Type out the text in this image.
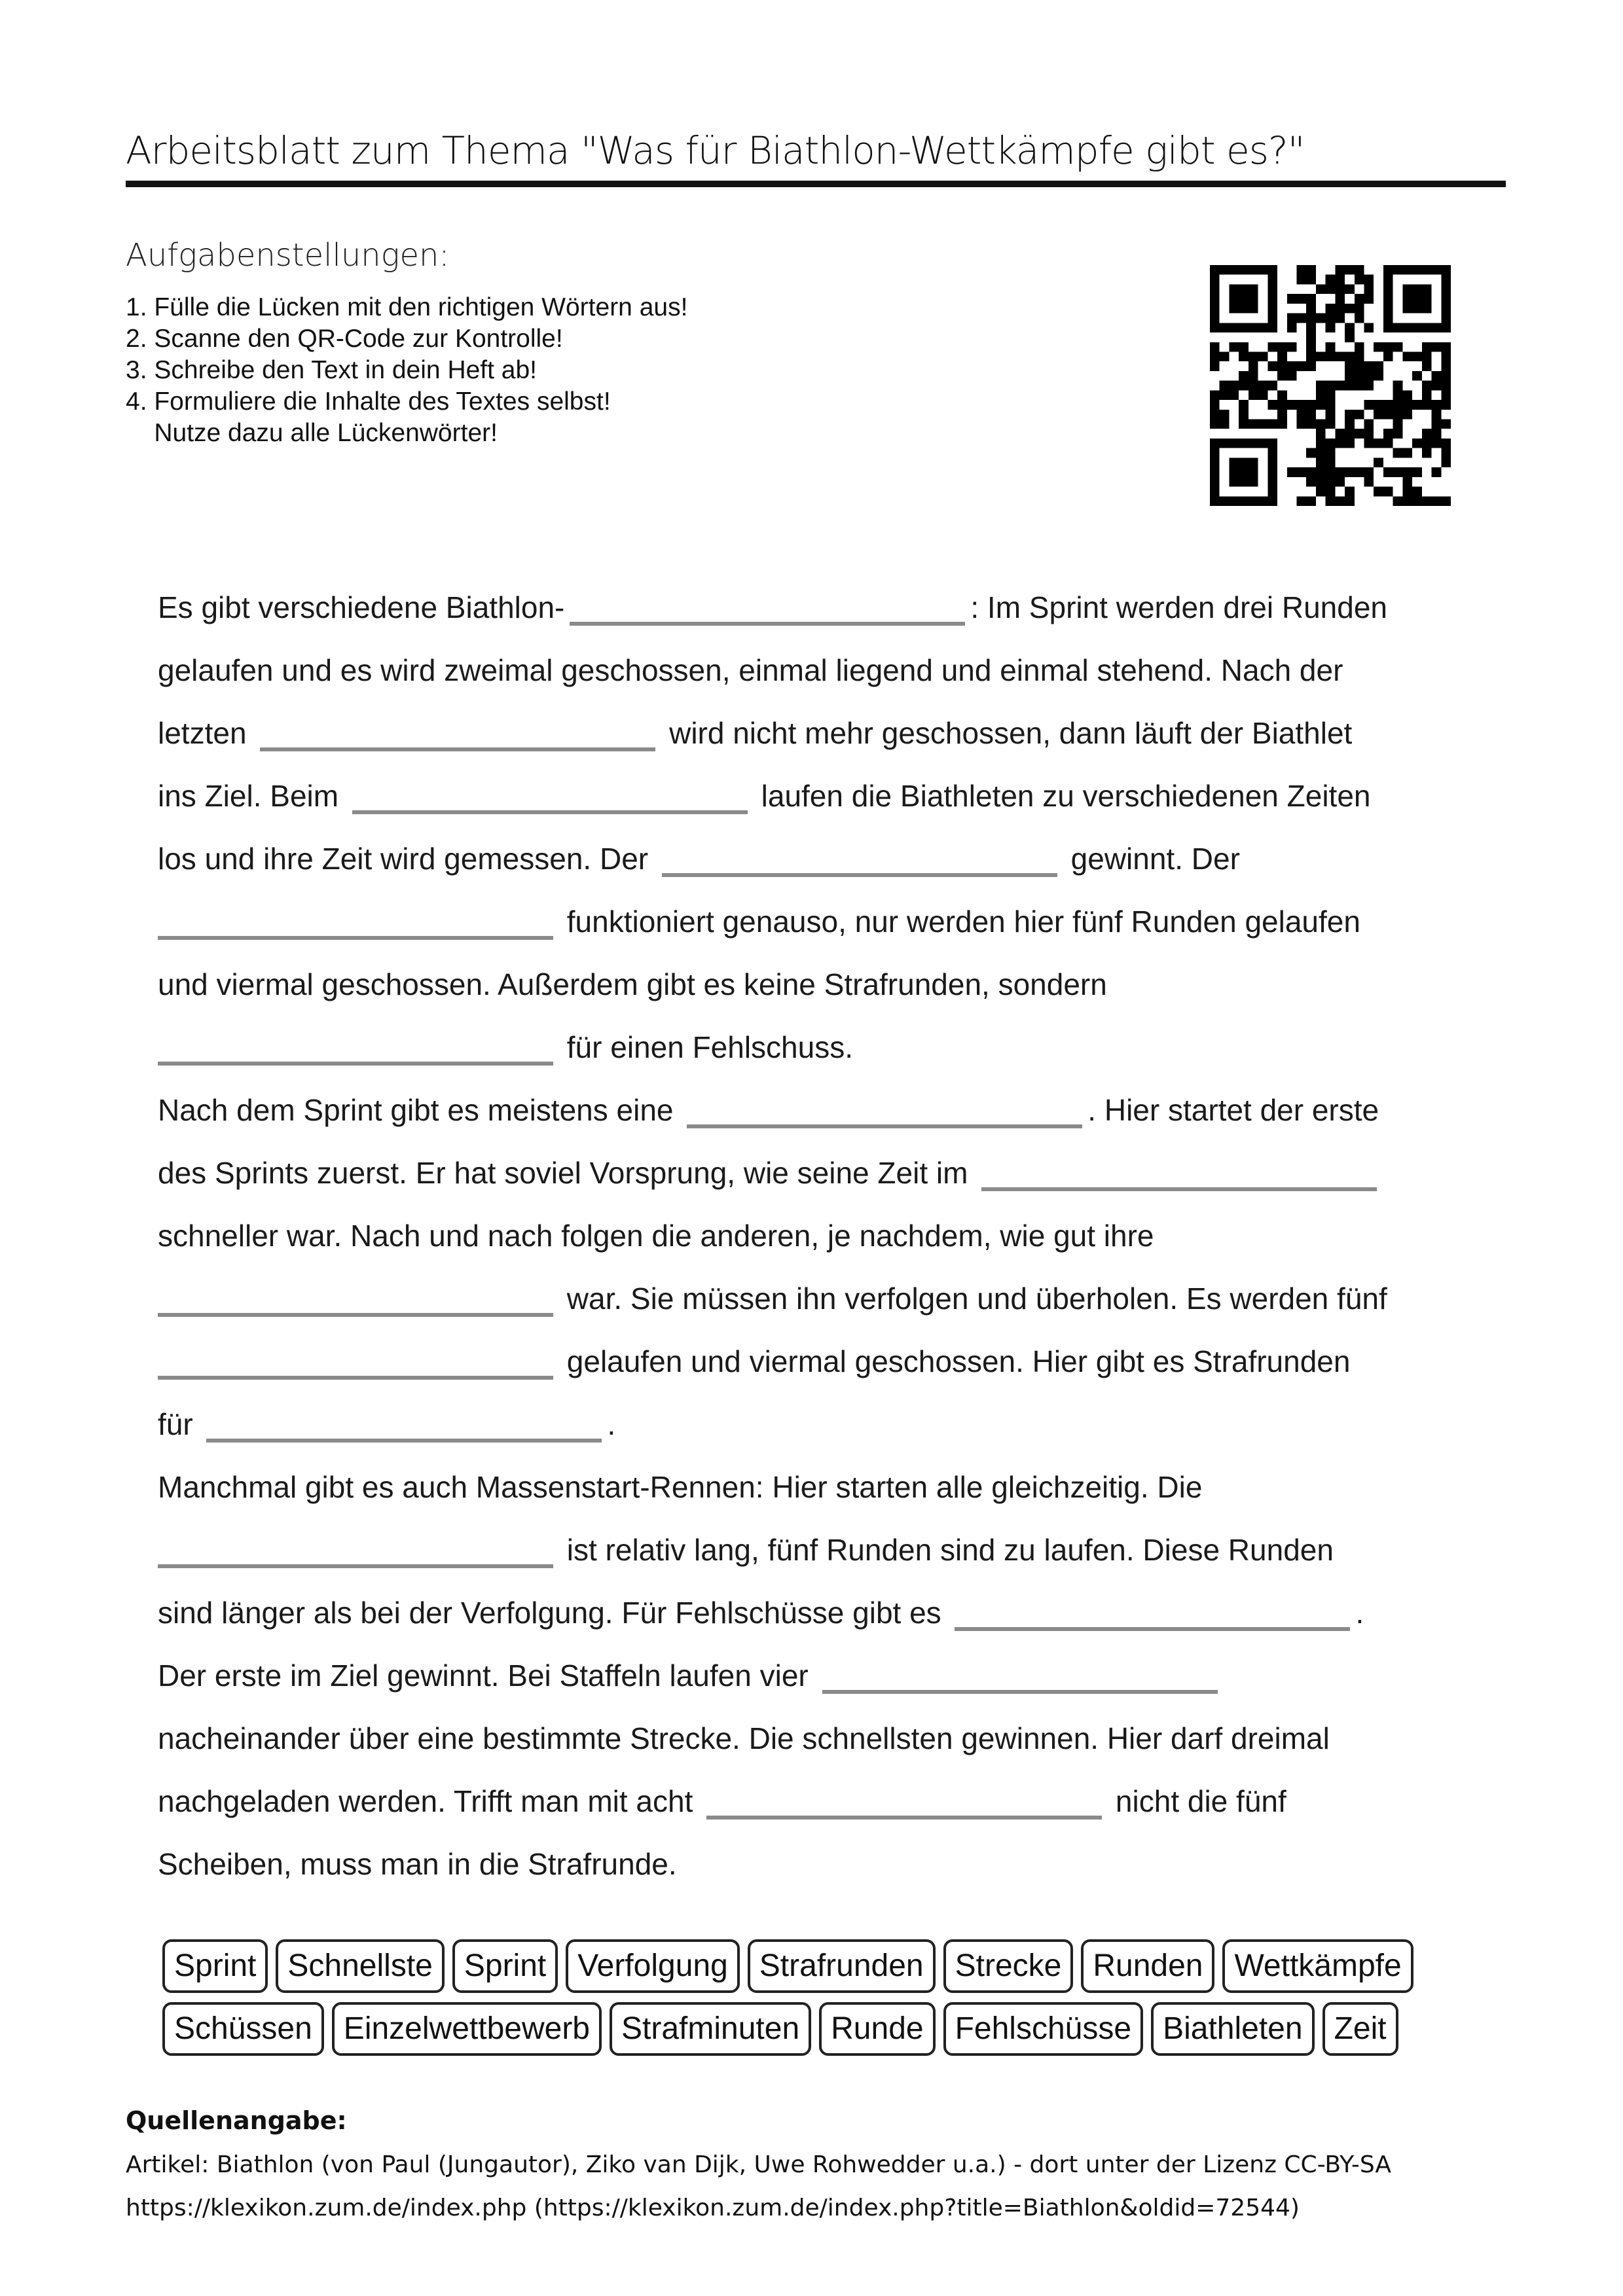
Arbeitsblatt zum Thema "Was für Biathlon-Wettkämpfe gibt es?"
Aufgabenstellungen:
1. Fülle die Lücken mit den richtigen Wörtern aus!
2. Scanne den QR-Code zur Kontrolle!
3. Schreibe den Text in dein Heft ab!
4. Formuliere die Inhalte des Textes selbst!
Nutze dazu alle Lückenwörter!
Es gibt verschiedene Biathlon-	: Im Sprint werden drei Runden
gelaufen und es wird zweimal geschossen, einmal liegend und einmal stehend. Nach der
letzten	wird nicht mehr geschossen, dann läuft der Biathlet
ins Ziel. Beim	laufen die Biathleten zu verschiedenen Zeiten
los und ihre Zeit wird gemessen. Der	gewinnt. Der
funktioniert genauso, nur werden hier fünf Runden gelaufen
und viermal geschossen. Außerdem gibt es keine Strafrunden, sondern
für einen Fehlschuss.
Nach dem Sprint gibt es meistens eine	. Hier startet der erste
des Sprints zuerst. Er hat soviel Vorsprung, wie seine Zeit im
schneller war. Nach und nach folgen die anderen, je nachdem, wie gut ihre
war. Sie müssen ihn verfolgen und überholen. Es werden fünf
gelaufen und viermal geschossen. Hier gibt es Strafrunden
für	.
Manchmal gibt es auch Massenstart-Rennen: Hier starten alle gleichzeitig. Die
ist relativ lang, fünf Runden sind zu laufen. Diese Runden
sind länger als bei der Verfolgung. Für Fehlschüsse gibt es	.
Der erste im Ziel gewinnt. Bei Staffeln laufen vier
nacheinander über eine bestimmte Strecke. Die schnellsten gewinnen. Hier darf dreimal
nachgeladen werden. Trifft man mit acht	nicht die fünf
Scheiben, muss man in die Strafrunde.
Sprint	Schnellste	Sprint	Verfolgung	Strafrunden	Strecke	Runden	Wettkämpfe
Schüssen	Einzelwettbewerb	Strafminuten	Runde	Fehlschüsse	Biathleten	Zeit
Quellenangabe:
Artikel: Biathlon (von Paul (Jungautor), Ziko van Dijk, Uwe Rohwedder u.a.) - dort unter der Lizenz CC-BY-SA
https://klexikon.zum.de/index.php (https://klexikon.zum.de/index.php?title=Biathlon&oldid=72544)
